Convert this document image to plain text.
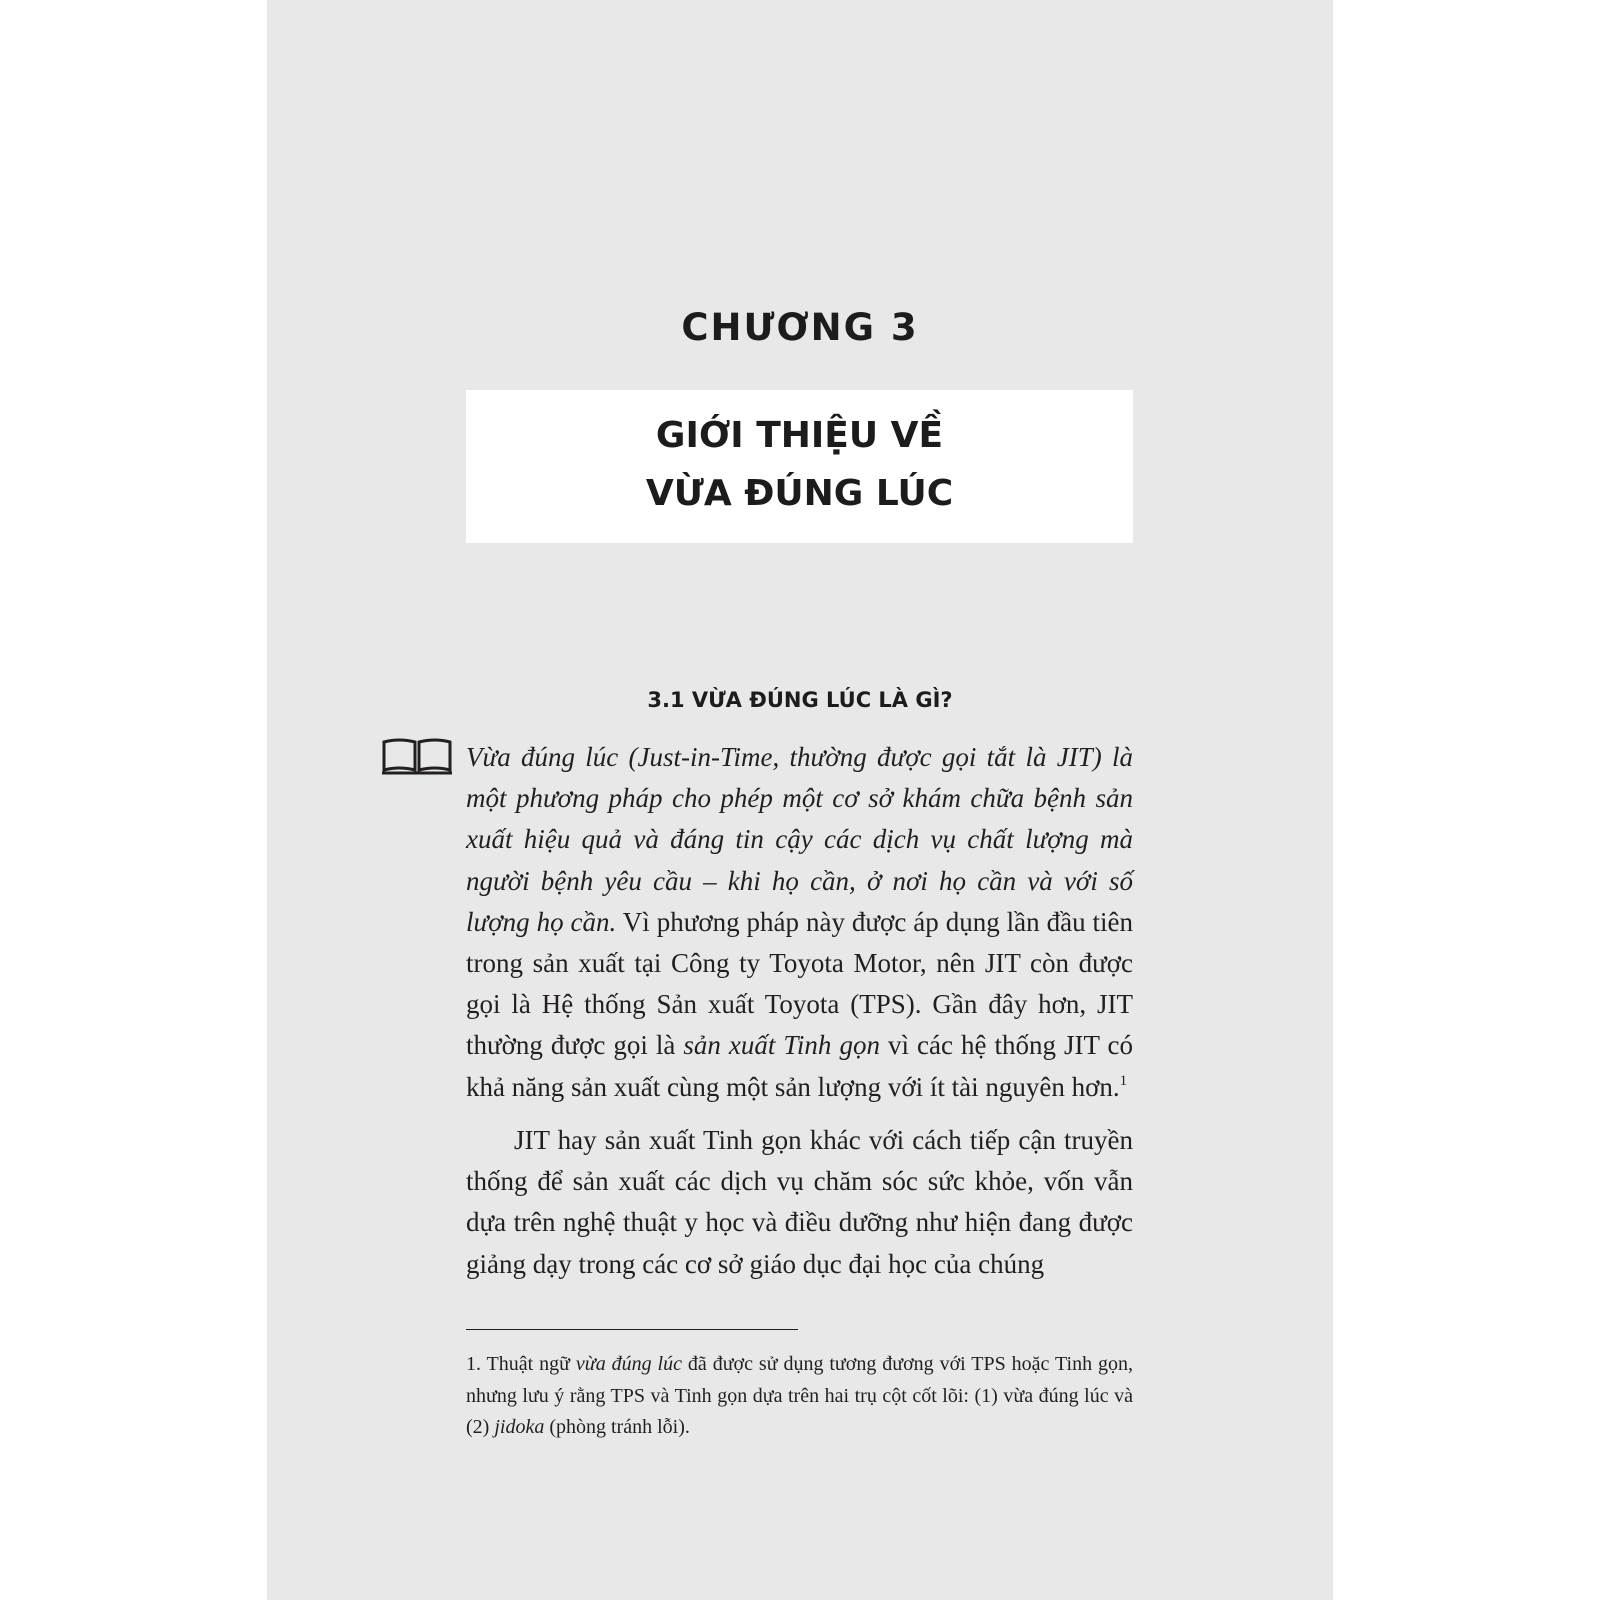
CHƯƠNG 3
GIỚI THIỆU VỀ
VỪA ĐÚNG LÚC
3.1 VỪA ĐÚNG LÚC LÀ GÌ?
Vừa đúng lúc (Just-in-Time, thường được gọi tắt là JIT) là một phương pháp cho phép một cơ sở khám chữa bệnh sản xuất hiệu quả và đáng tin cậy các dịch vụ chất lượng mà người bệnh yêu cầu – khi họ cần, ở nơi họ cần và với số lượng họ cần. Vì phương pháp này được áp dụng lần đầu tiên trong sản xuất tại Công ty Toyota Motor, nên JIT còn được gọi là Hệ thống Sản xuất Toyota (TPS). Gần đây hơn, JIT thường được gọi là sản xuất Tinh gọn vì các hệ thống JIT có khả năng sản xuất cùng một sản lượng với ít tài nguyên hơn.$^1$
JIT hay sản xuất Tinh gọn khác với cách tiếp cận truyền thống để sản xuất các dịch vụ chăm sóc sức khỏe, vốn vẫn dựa trên nghệ thuật y học và điều dưỡng như hiện đang được giảng dạy trong các cơ sở giáo dục đại học của chúng
1. Thuật ngữ vừa đúng lúc đã được sử dụng tương đương với TPS hoặc Tinh gọn, nhưng lưu ý rằng TPS và Tinh gọn dựa trên hai trụ cột cốt lõi: (1) vừa đúng lúc và (2) jidoka (phòng tránh lỗi).
